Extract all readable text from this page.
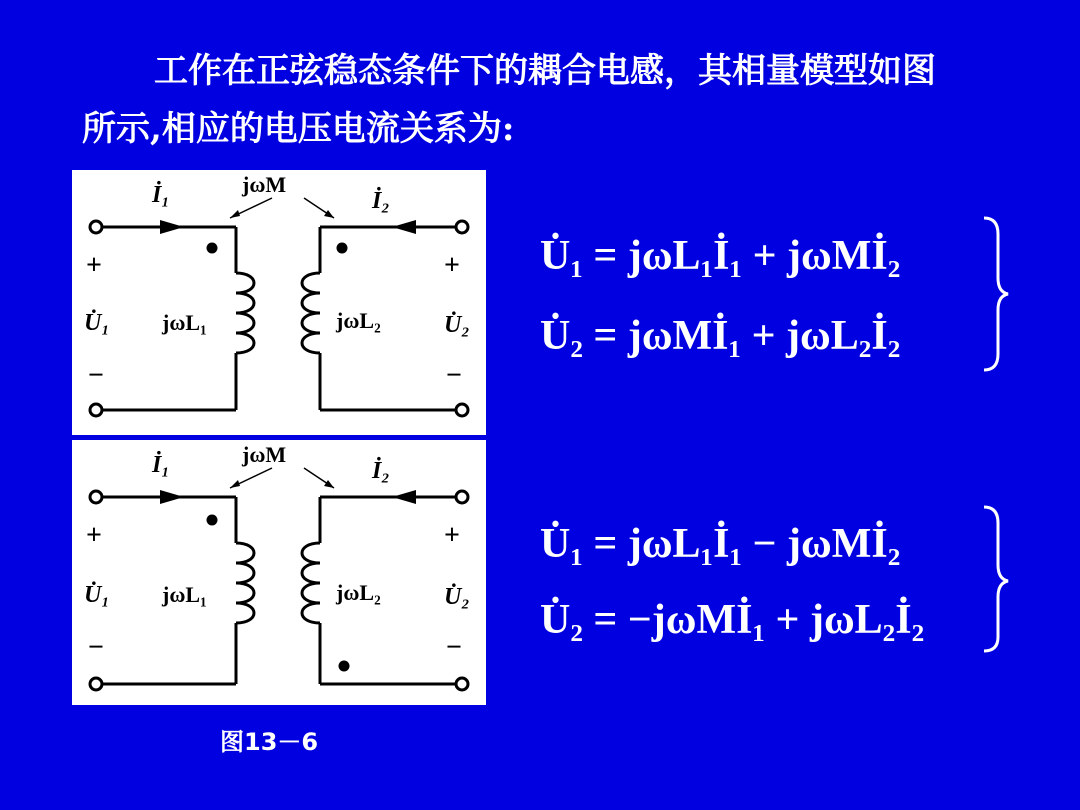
工作在正弦稳态条件下的耦合电感，其相量模型如图
所示,相应的电压电流关系为:
İ₁	İ₂
jωM
+	+
U̇₁	U̇₂
jωL₁	jωL₂
−	−
İ₁	İ₂
jωM
+	+
U̇₁	U̇₂
jωL₁	jωL₂
−	−
U̇₁ = jωL₁İ₁ + jωMİ₂
U̇₂ = jωMİ₁ + jωL₂İ₂
U̇₁ = jωL₁İ₁ − jωMİ₂
U̇₂ = −jωMİ₁ + jωL₂İ₂
图13－6
